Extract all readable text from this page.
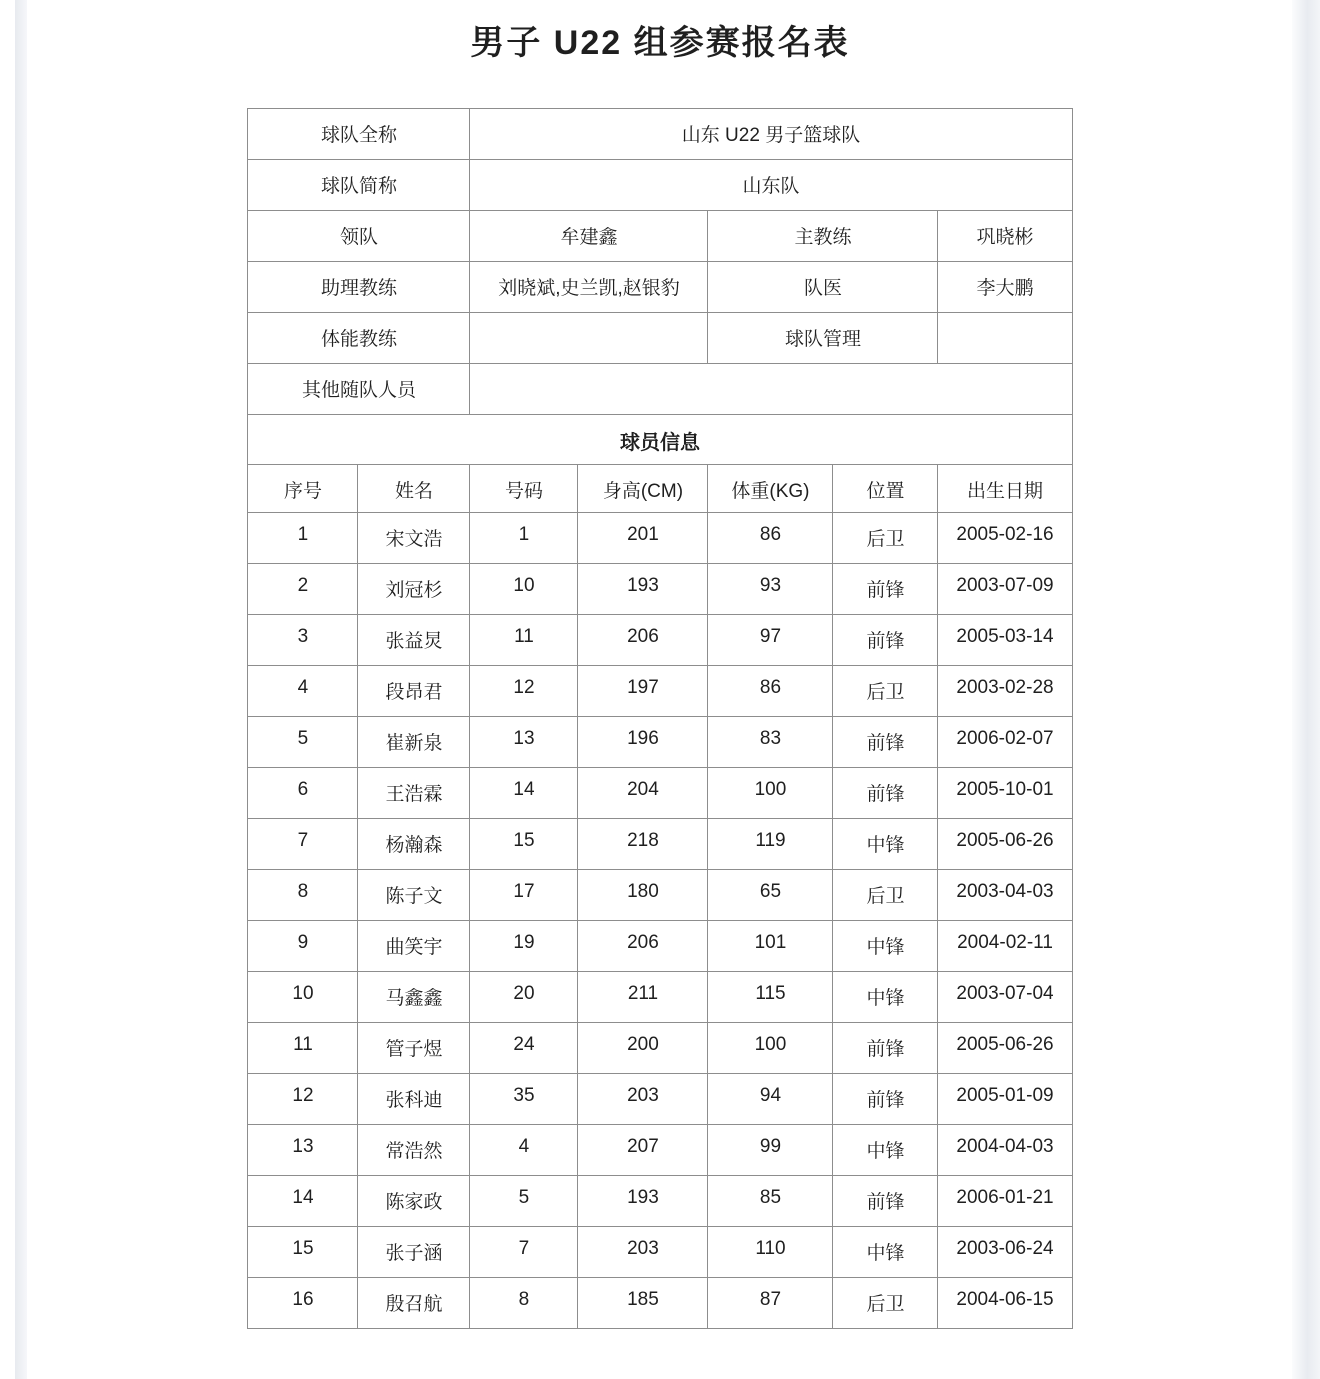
男子 U22 组参赛报名表
球队全称		山东 U22 男子篮球队				
球队简称		山东队				
领队		牟建鑫		主教练		巩晓彬
助理教练		刘晓斌,史兰凯,赵银豹		队医		李大鹏
体能教练				球队管理		
其他随队人员						
球员信息						
序号	姓名	号码	身高(CM)	体重(KG)	位置	出生日期
1	宋文浩	1	201	86	后卫	2005-02-16
2	刘冠杉	10	193	93	前锋	2003-07-09
3	张益炅	11	206	97	前锋	2005-03-14
4	段昂君	12	197	86	后卫	2003-02-28
5	崔新泉	13	196	83	前锋	2006-02-07
6	王浩霖	14	204	100	前锋	2005-10-01
7	杨瀚森	15	218	119	中锋	2005-06-26
8	陈子文	17	180	65	后卫	2003-04-03
9	曲笑宇	19	206	101	中锋	2004-02-11
10	马鑫鑫	20	211	115	中锋	2003-07-04
11	管子煜	24	200	100	前锋	2005-06-26
12	张科迪	35	203	94	前锋	2005-01-09
13	常浩然	4	207	99	中锋	2004-04-03
14	陈家政	5	193	85	前锋	2006-01-21
15	张子涵	7	203	110	中锋	2003-06-24
16	殷召航	8	185	87	后卫	2004-06-15
